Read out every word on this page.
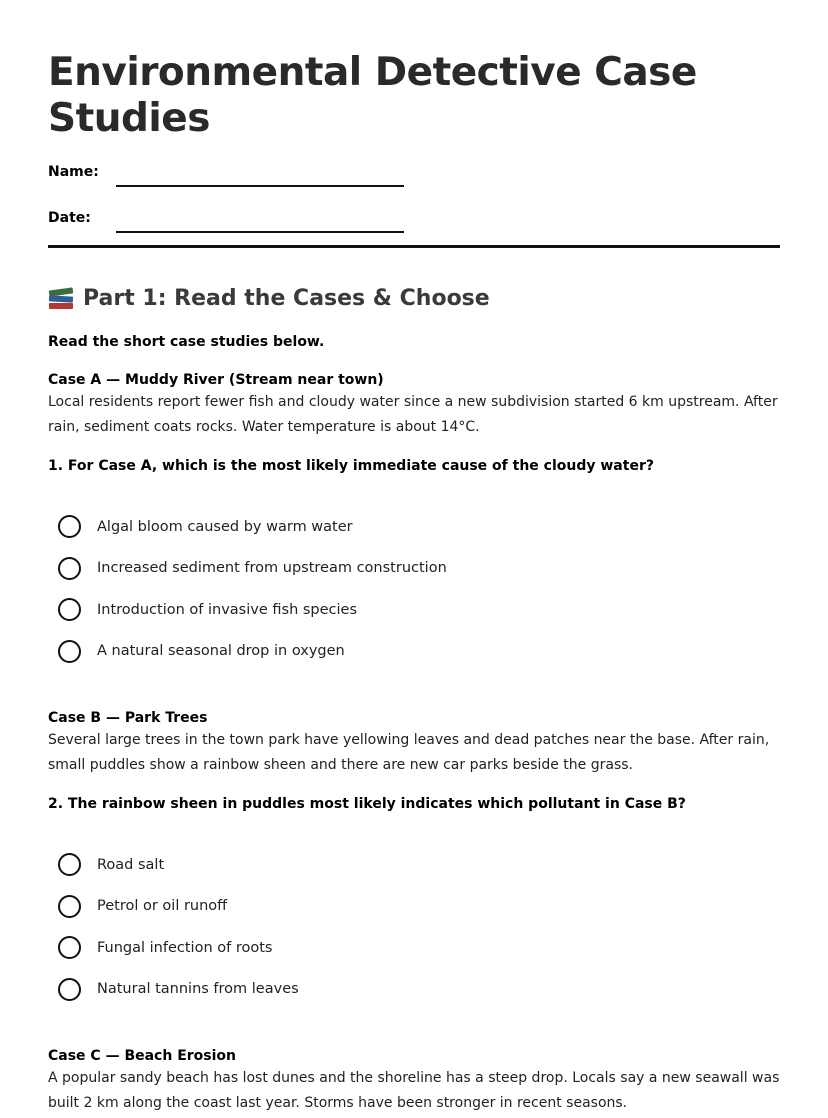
Environmental Detective Case Studies
Name:
Date:
Part 1: Read the Cases & Choose

Read the short case studies below.

Case A — Muddy River (Stream near town)

Local residents report fewer fish and cloudy water since a new subdivision started 6 km upstream. After rain, sediment coats rocks. Water temperature is about 14°C.

1. For Case A, which is the most likely immediate cause of the cloudy water?

Algal bloom caused by warm water
Increased sediment from upstream construction
Introduction of invasive fish species
A natural seasonal drop in oxygen

Case B — Park Trees

Several large trees in the town park have yellowing leaves and dead patches near the base. After rain, small puddles show a rainbow sheen and there are new car parks beside the grass.

2. The rainbow sheen in puddles most likely indicates which pollutant in Case B?

Road salt
Petrol or oil runoff
Fungal infection of roots
Natural tannins from leaves

Case C — Beach Erosion

A popular sandy beach has lost dunes and the shoreline has a steep drop. Locals say a new seawall was built 2 km along the coast last year. Storms have been stronger in recent seasons.
